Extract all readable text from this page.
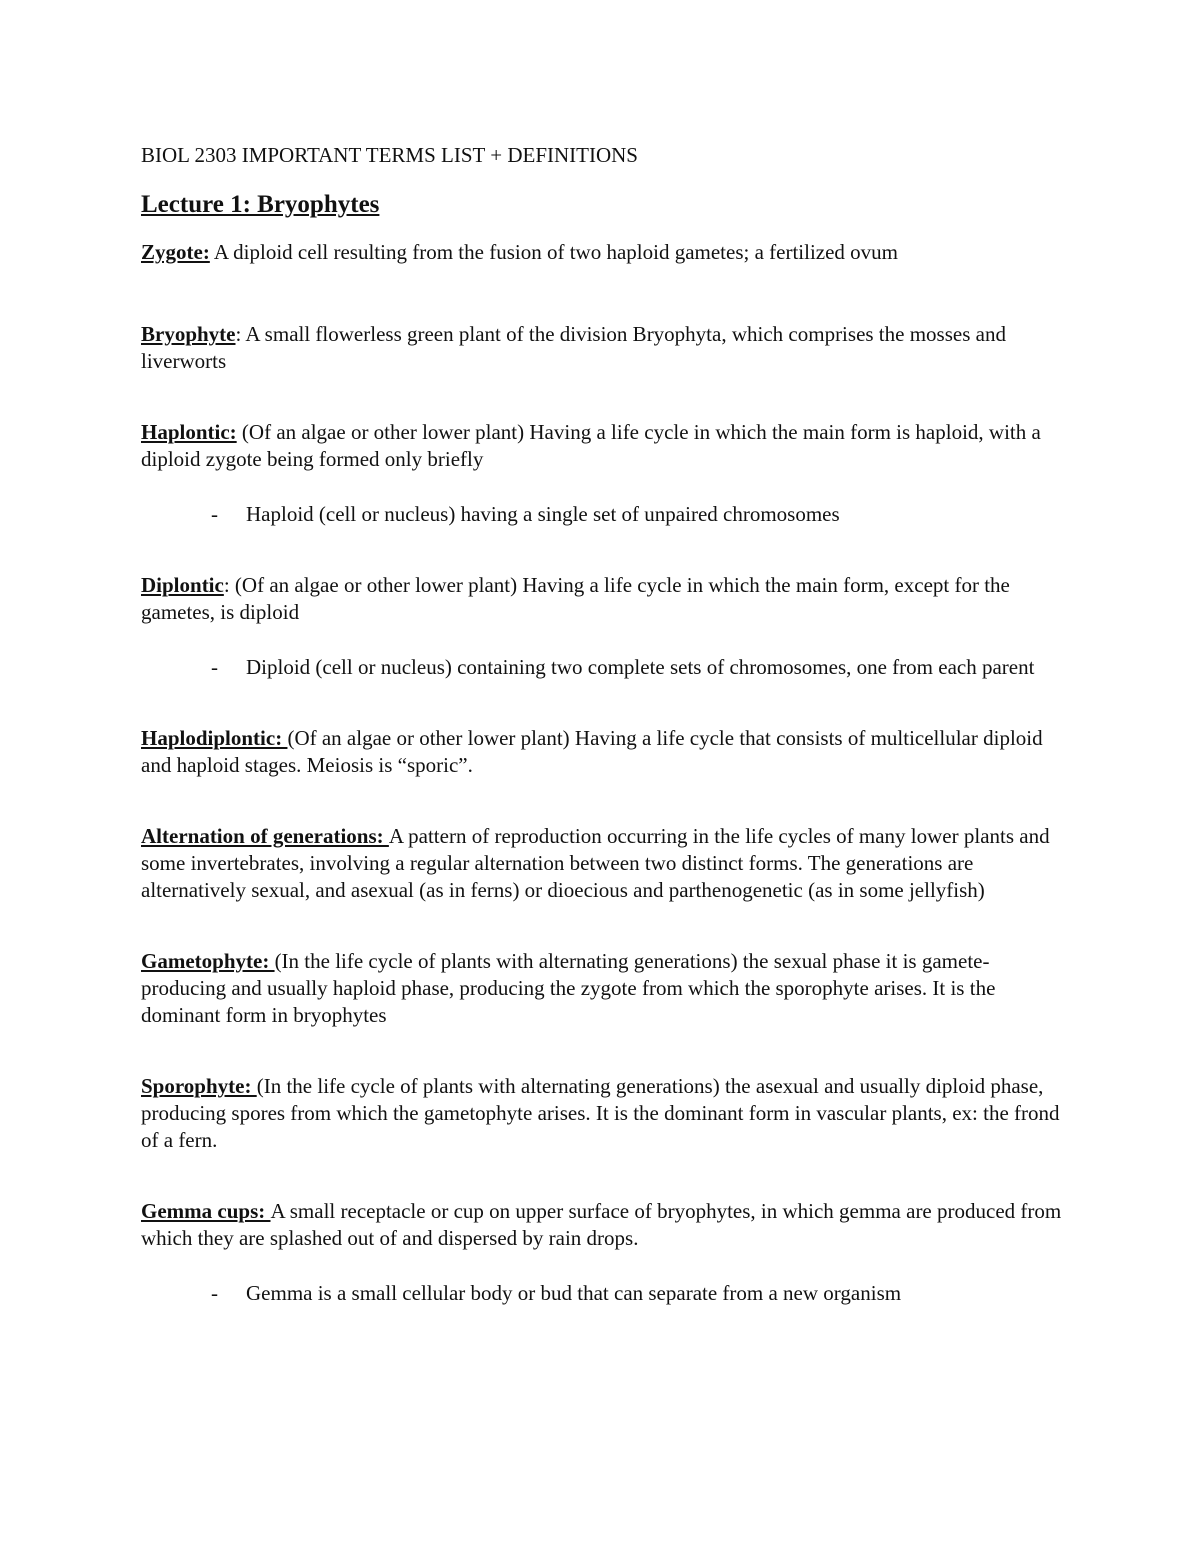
BIOL 2303 IMPORTANT TERMS LIST + DEFINITIONS

Lecture 1: Bryophytes

Zygote: A diploid cell resulting from the fusion of two haploid gametes; a fertilized ovum

Bryophyte: A small flowerless green plant of the division Bryophyta, which comprises the mosses and liverworts

Haplontic: (Of an algae or other lower plant) Having a life cycle in which the main form is haploid, with a diploid zygote being formed only briefly

- Haploid (cell or nucleus) having a single set of unpaired chromosomes

Diplontic: (Of an algae or other lower plant) Having a life cycle in which the main form, except for the gametes, is diploid

- Diploid (cell or nucleus) containing two complete sets of chromosomes, one from each parent

Haplodiplontic: (Of an algae or other lower plant) Having a life cycle that consists of multicellular diploid and haploid stages. Meiosis is “sporic”.

Alternation of generations: A pattern of reproduction occurring in the life cycles of many lower plants and some invertebrates, involving a regular alternation between two distinct forms. The generations are alternatively sexual, and asexual (as in ferns) or dioecious and parthenogenetic (as in some jellyfish)

Gametophyte: (In the life cycle of plants with alternating generations) the sexual phase it is gamete-producing and usually haploid phase, producing the zygote from which the sporophyte arises. It is the dominant form in bryophytes

Sporophyte: (In the life cycle of plants with alternating generations) the asexual and usually diploid phase, producing spores from which the gametophyte arises. It is the dominant form in vascular plants, ex: the frond of a fern.

Gemma cups: A small receptacle or cup on upper surface of bryophytes, in which gemma are produced from which they are splashed out of and dispersed by rain drops.

- Gemma is a small cellular body or bud that can separate from a new organism
